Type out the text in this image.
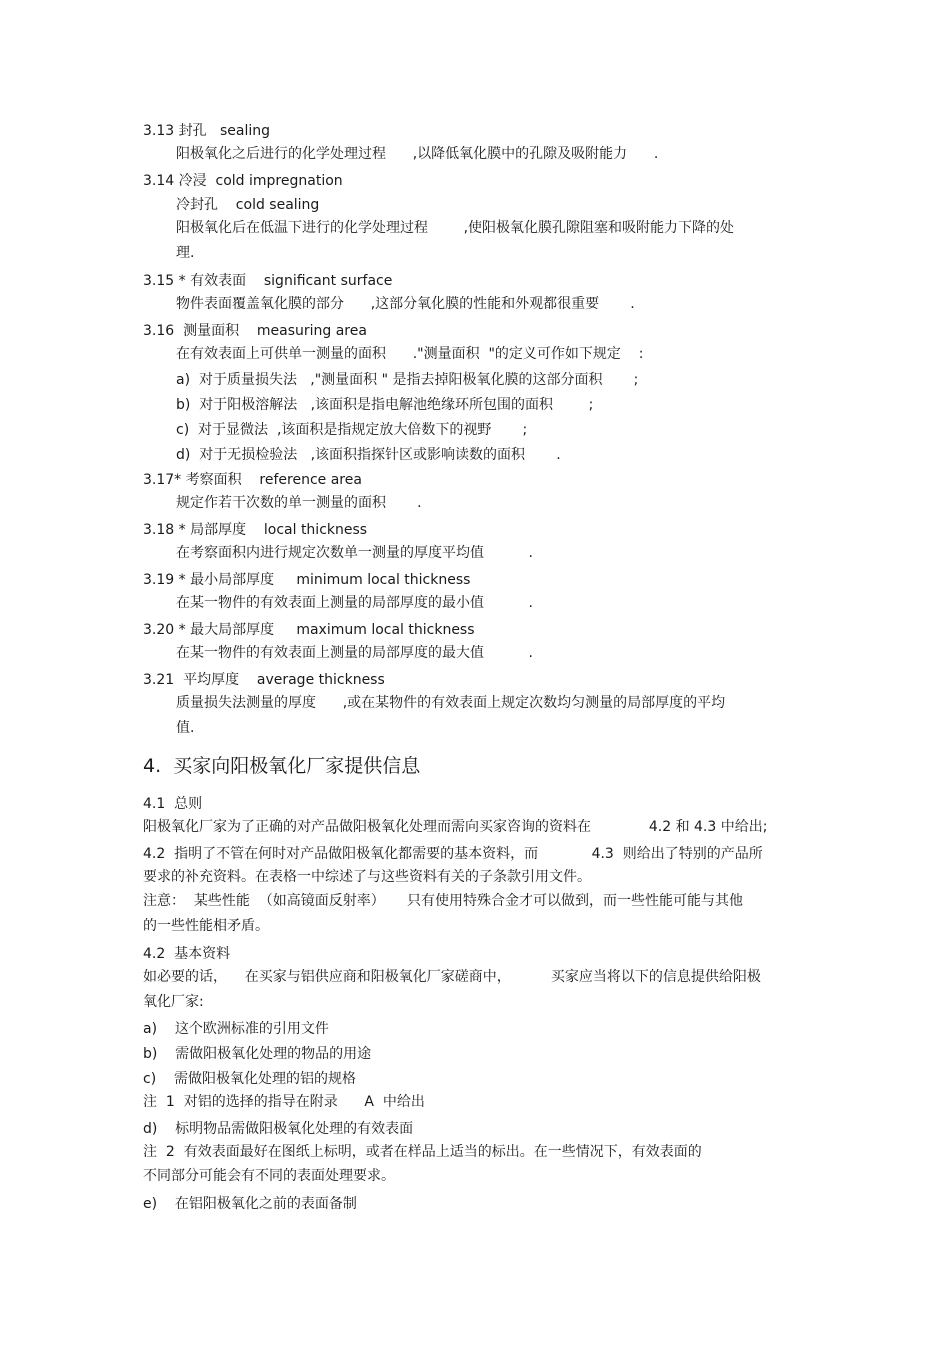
3.13 封孔   sealing
阳极氧化之后进行的化学处理过程      ,以降低氧化膜中的孔隙及吸附能力      .
3.14 冷浸  cold impregnation
冷封孔    cold sealing
阳极氧化后在低温下进行的化学处理过程        ,使阳极氧化膜孔隙阻塞和吸附能力下降的处
理.
3.15 * 有效表面    significant surface
物件表面覆盖氧化膜的部分      ,这部分氧化膜的性能和外观都很重要       .
3.16  测量面积    measuring area
在有效表面上可供单一测量的面积      ."测量面积  "的定义可作如下规定    :
a)  对于质量损失法   ,"测量面积 " 是指去掉阳极氧化膜的这部分面积       ;
b)  对于阳极溶解法   ,该面积是指电解池绝缘环所包围的面积        ;
c)  对于显微法  ,该面积是指规定放大倍数下的视野       ;
d)  对于无损检验法   ,该面积指探针区或影响读数的面积       .
3.17* 考察面积    reference area
规定作若干次数的单一测量的面积       .
3.18 * 局部厚度    local thickness
在考察面积内进行规定次数单一测量的厚度平均值          .
3.19 * 最小局部厚度     minimum local thickness
在某一物件的有效表面上测量的局部厚度的最小值          .
3.20 * 最大局部厚度     maximum local thickness
在某一物件的有效表面上测量的局部厚度的最大值          .
3.21  平均厚度    average thickness
质量损失法测量的厚度      ,或在某物件的有效表面上规定次数均匀测量的局部厚度的平均
值.
4.1  总则
阳极氧化厂家为了正确的对产品做阳极氧化处理而需向买家咨询的资料在             4.2 和 4.3 中给出;
4.2  指明了不管在何时对产品做阳极氧化都需要的基本资料，而            4.3  则给出了特别的产品所
要求的补充资料。在表格一中综述了与这些资料有关的子条款引用文件。
注意：  某些性能  （如高镜面反射率）     只有使用特殊合金才可以做到，而一些性能可能与其他
的一些性能相矛盾。
4.2  基本资料
如必要的话，    在买家与铝供应商和阳极氧化厂家磋商中，         买家应当将以下的信息提供给阳极
氧化厂家:
a)    这个欧洲标准的引用文件
b)    需做阳极氧化处理的物品的用途
c)    需做阳极氧化处理的铝的规格
注  1  对铝的选择的指导在附录      A  中给出
d)    标明物品需做阳极氧化处理的有效表面
注  2  有效表面最好在图纸上标明，或者在样品上适当的标出。在一些情况下，有效表面的
不同部分可能会有不同的表面处理要求。
e)    在铝阳极氧化之前的表面备制
4.  买家向阳极氧化厂家提供信息
